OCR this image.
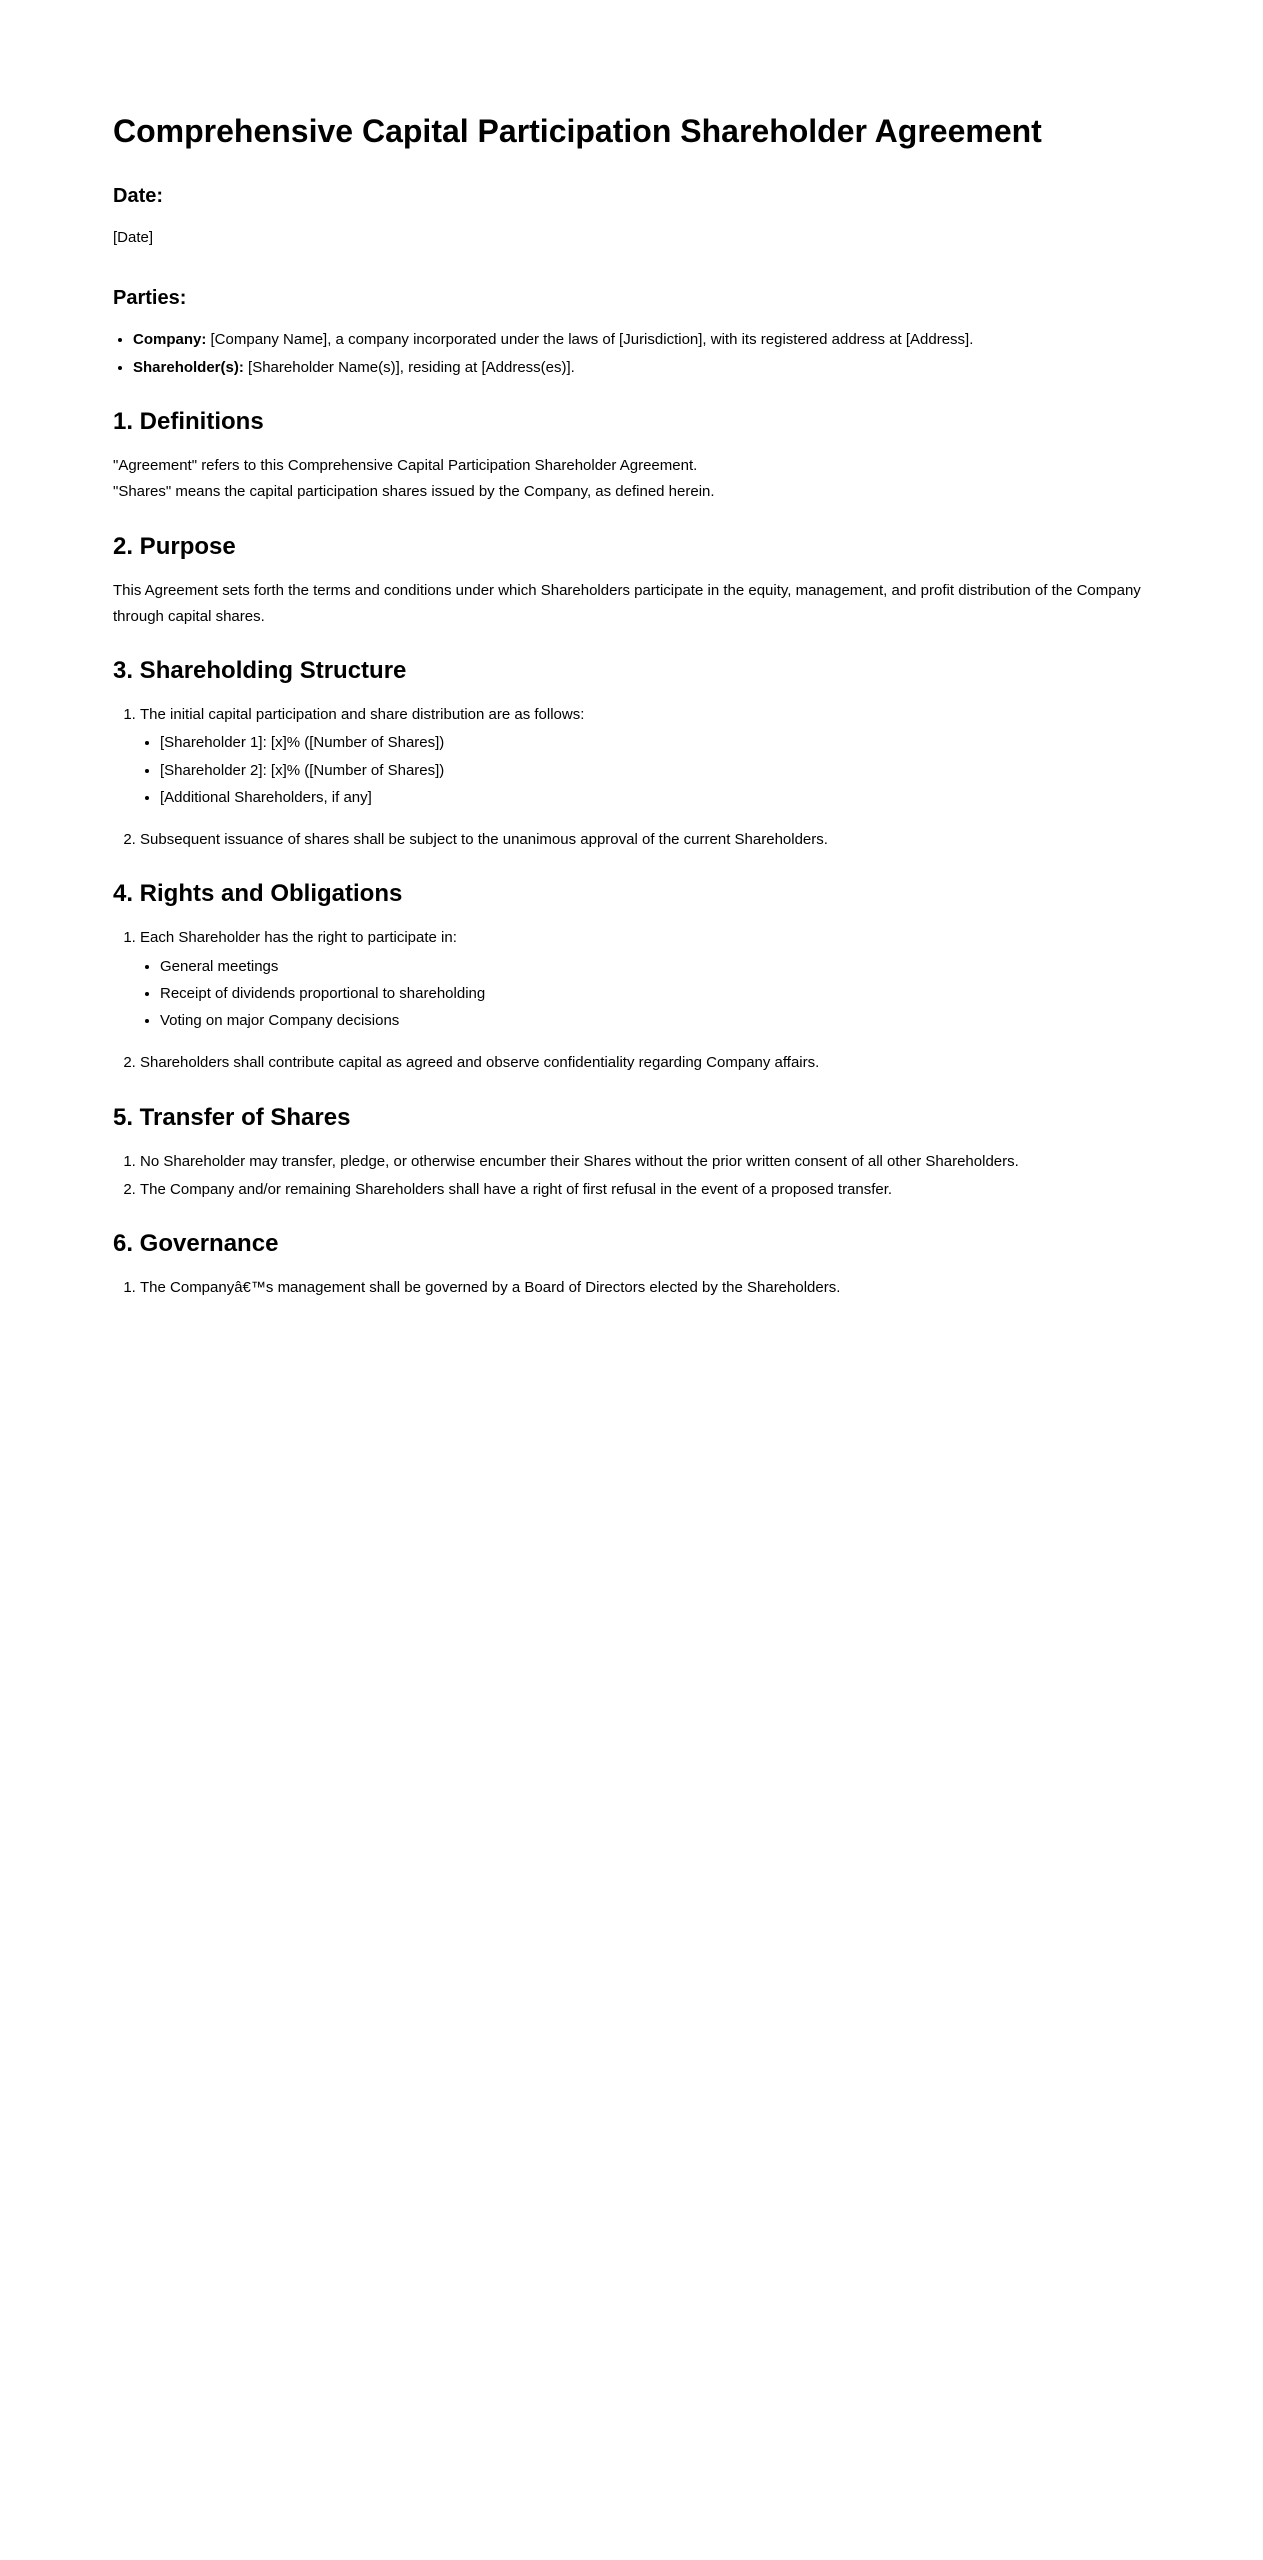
Comprehensive Capital Participation Shareholder Agreement
Date:

[Date]

Parties:
• Company: [Company Name], a company incorporated under the laws of [Jurisdiction], with its registered address at [Address].
• Shareholder(s): [Shareholder Name(s)], residing at [Address(es)].
1. Definitions

"Agreement" refers to this Comprehensive Capital Participation Shareholder Agreement.
"Shares" means the capital participation shares issued by the Company, as defined herein.

2. Purpose

This Agreement sets forth the terms and conditions under which Shareholders participate in the equity, management, and profit distribution of the Company through capital shares.

3. Shareholding Structure
1. The initial capital participation and share distribution are as follows:
• [Shareholder 1]: [x]% ([Number of Shares])
• [Shareholder 2]: [x]% ([Number of Shares])
• [Additional Shareholders, if any]
2. Subsequent issuance of shares shall be subject to the unanimous approval of the current Shareholders.
4. Rights and Obligations
1. Each Shareholder has the right to participate in:
• General meetings
• Receipt of dividends proportional to shareholding
• Voting on major Company decisions
2. Shareholders shall contribute capital as agreed and observe confidentiality regarding Company affairs.
5. Transfer of Shares
1. No Shareholder may transfer, pledge, or otherwise encumber their Shares without the prior written consent of all other Shareholders.
2. The Company and/or remaining Shareholders shall have a right of first refusal in the event of a proposed transfer.
6. Governance
1. The Companyâ€™s management shall be governed by a Board of Directors elected by the Shareholders.
